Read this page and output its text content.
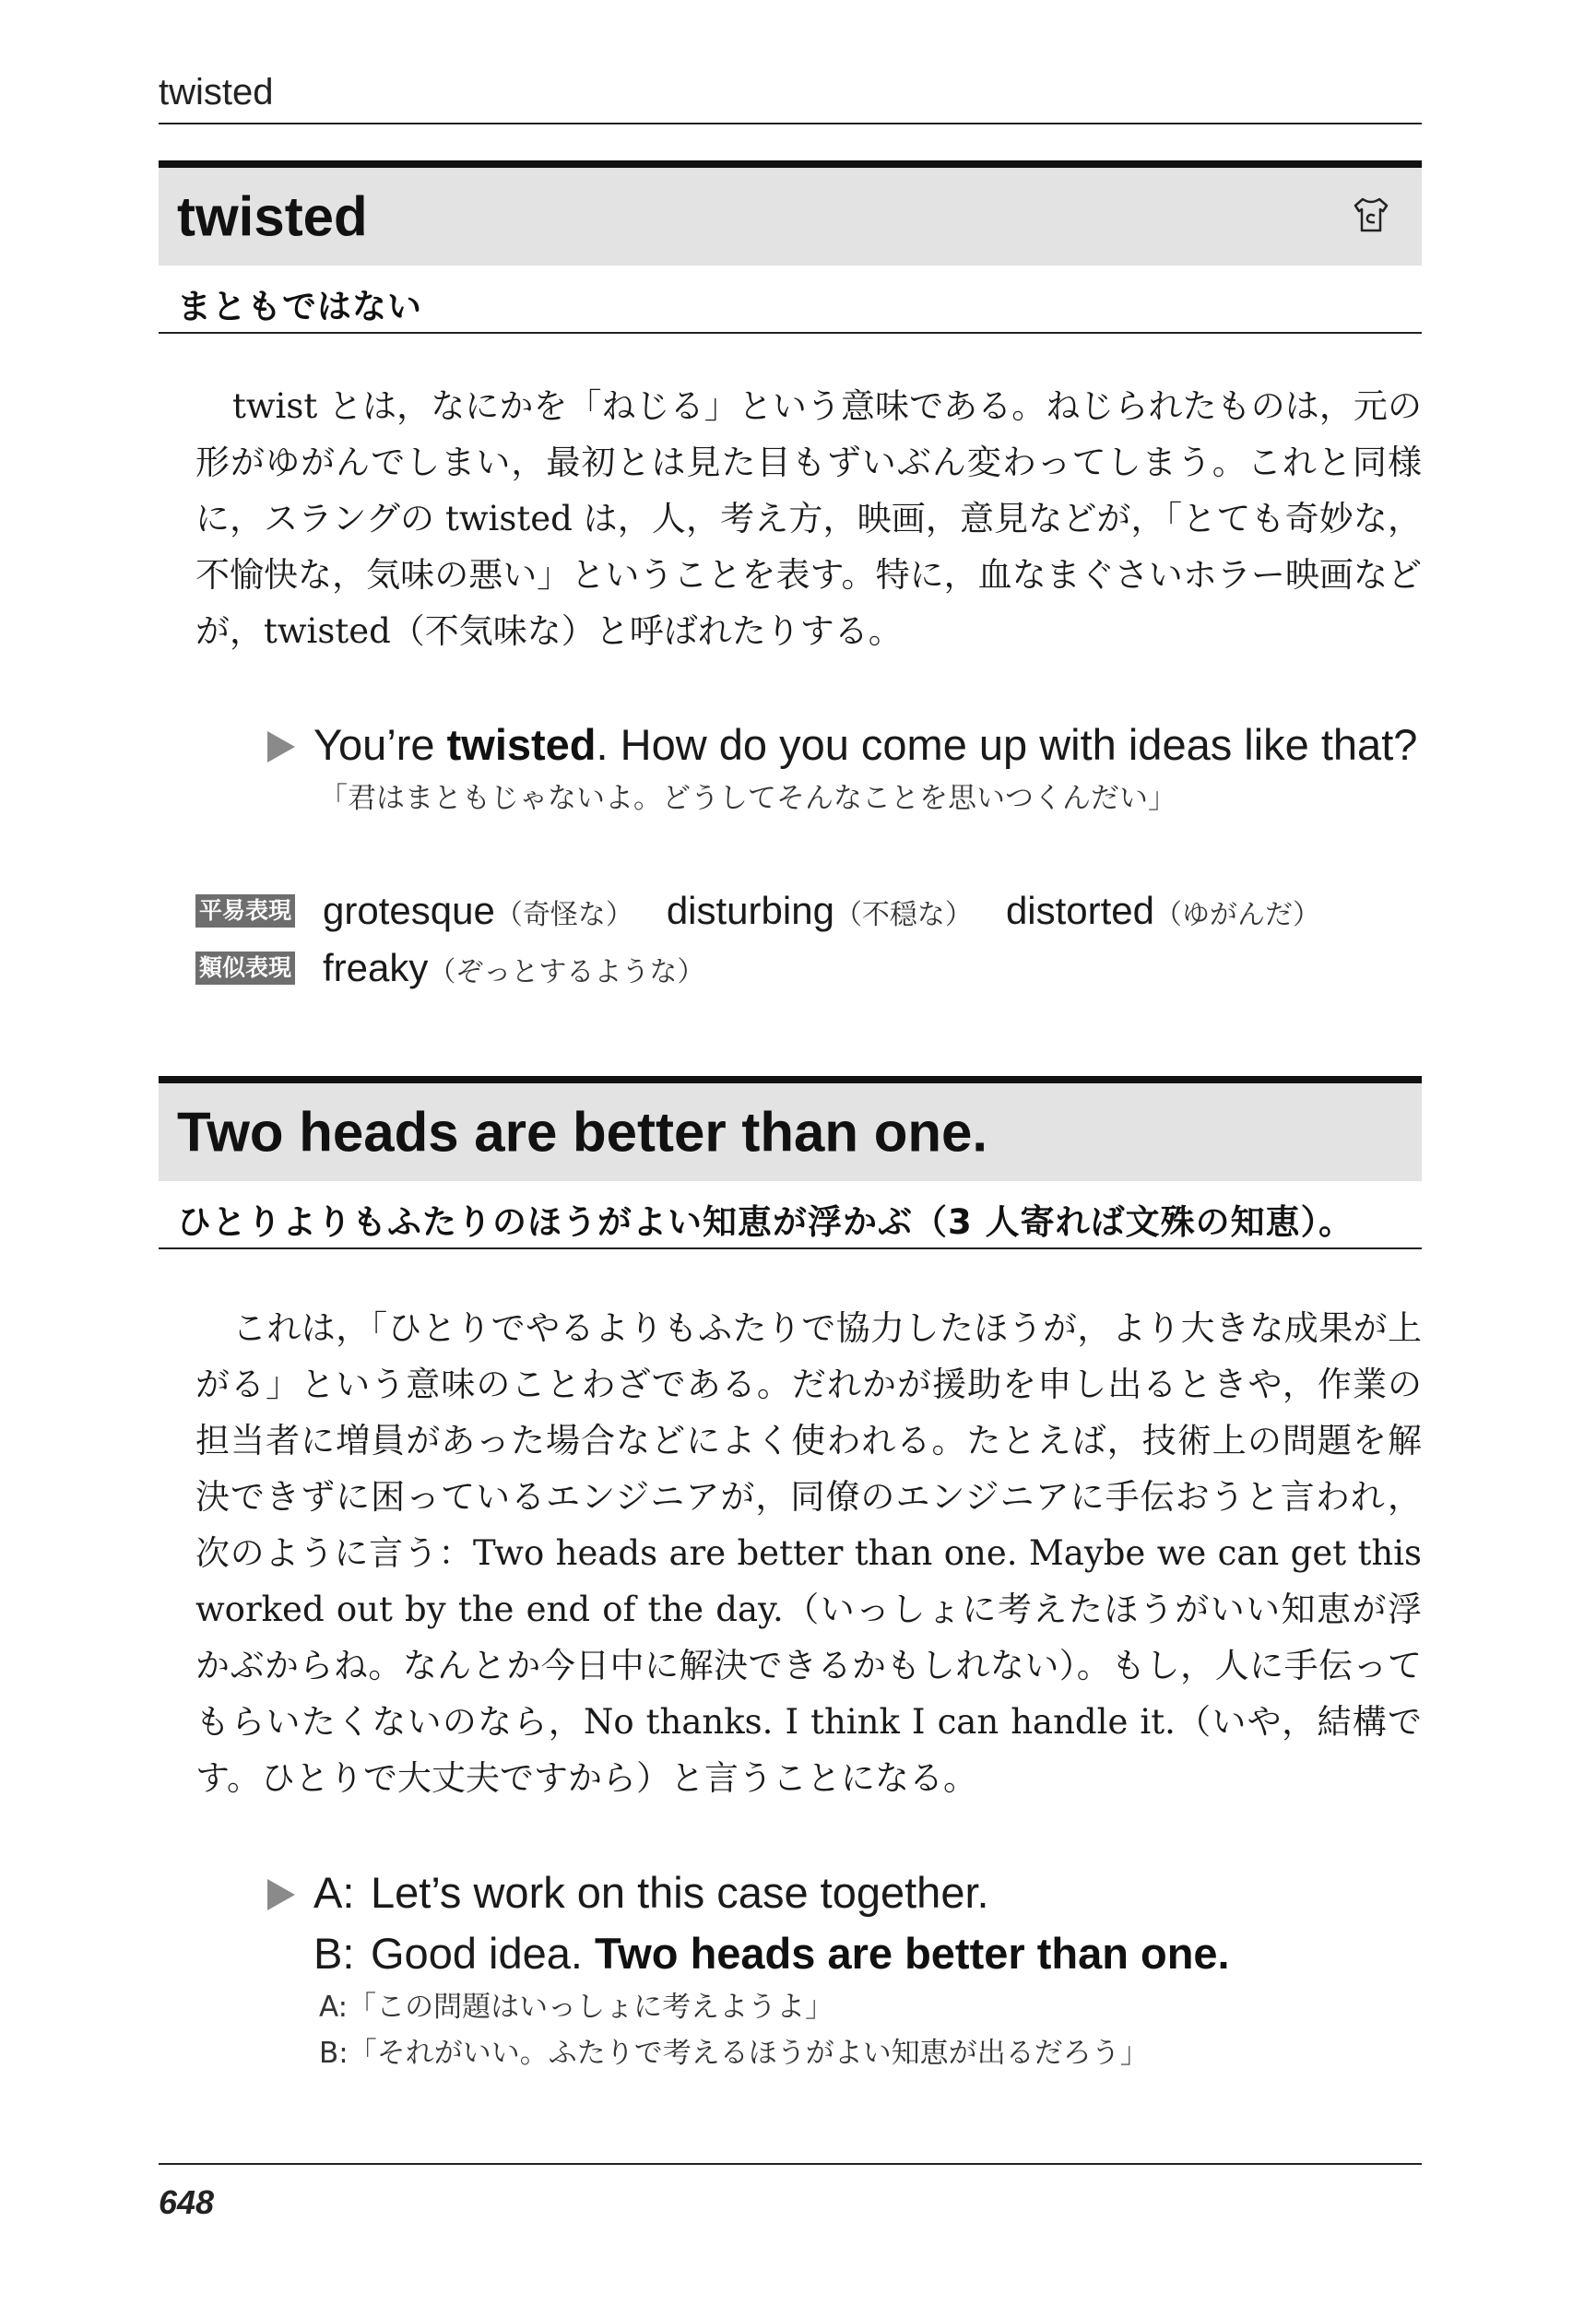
twisted
twisted
まともではない

twist とは，なにかを「ねじる」という意味である。ねじられたものは，元の形がゆがんでしまい，最初とは見た目もずいぶん変わってしまう。これと同様に，スラングの twisted は，人，考え方，映画，意見などが，「とても奇妙な，不愉快な，気味の悪い」ということを表す。特に，血なまぐさいホラー映画などが，twisted（不気味な）と呼ばれたりする。

You’re twisted. How do you come up with ideas like that?
「君はまともじゃないよ。どうしてそんなことを思いつくんだい」
平易表現 grotesque（奇怪な） disturbing（不穏な） distorted（ゆがんだ）
類似表現 freaky（ぞっとするような）
Two heads are better than one.
ひとりよりもふたりのほうがよい知恵が浮かぶ（3 人寄れば文殊の知恵）。

これは，「ひとりでやるよりもふたりで協力したほうが，より大きな成果が上がる」という意味のことわざである。だれかが援助を申し出るときや，作業の担当者に増員があった場合などによく使われる。たとえば，技術上の問題を解決できずに困っているエンジニアが，同僚のエンジニアに手伝おうと言われ，次のように言う：Two heads are better than one. Maybe we can get this worked out by the end of the day.（いっしょに考えたほうがいい知恵が浮かぶからね。なんとか今日中に解決できるかもしれない）。もし，人に手伝ってもらいたくないのなら，No thanks. I think I can handle it.（いや，結構です。ひとりで大丈夫ですから）と言うことになる。

A: Let’s work on this case together.
B: Good idea. Two heads are better than one.
A:「この問題はいっしょに考えようよ」
B:「それがいい。ふたりで考えるほうがよい知恵が出るだろう」
648
